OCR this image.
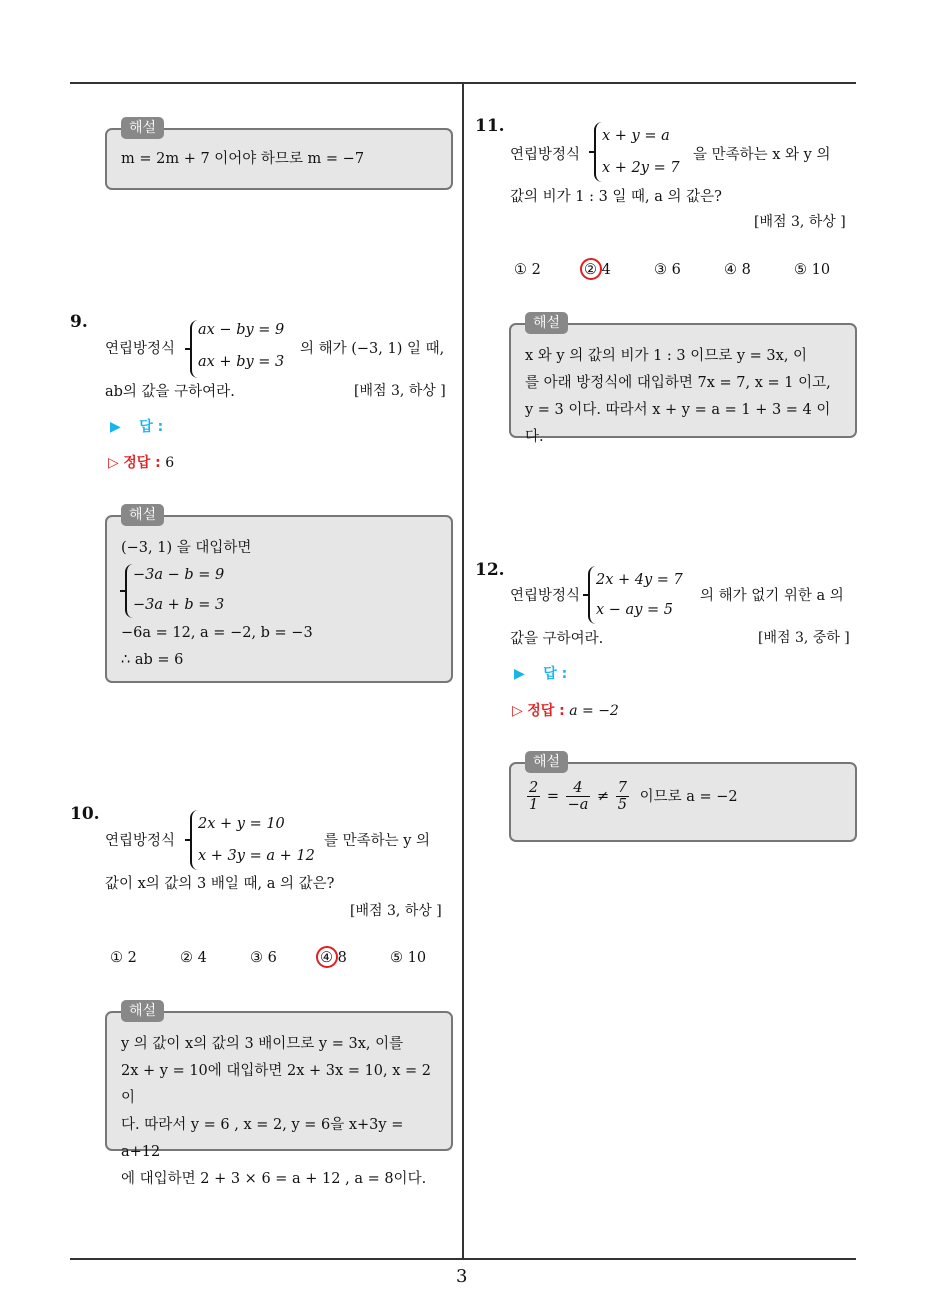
3
해설
m = 2m + 7 이어야 하므로 m = −7
9.
연립방정식
ax − by = 9
ax + by = 3
의 해가 (−3, 1) 일 때,
ab의 값을 구하여라.	[배점 3, 하상 ]
▶ 답 :
▷ 정답 : 6
해설
(−3, 1) 을 대입하면
−3a − b = 9
−3a + b = 3
−6a = 12, a = −2, b = −3
∴ ab = 6
10.
연립방정식
2x + y = 10
x + 3y = a + 12
를 만족하는 y 의
값이 x의 값의 3 배일 때, a 의 값은?
[배점 3, 하상 ]
① 2	② 4	③ 6	④ 8	⑤ 10
해설
y 의 값이 x의 값의 3 배이므로 y = 3x, 이를
2x + y = 10에 대입하면 2x + 3x = 10, x = 2 이
다. 따라서 y = 6 , x = 2, y = 6을 x+3y = a+12
에 대입하면 2 + 3 × 6 = a + 12 , a = 8이다.
11.
연립방정식
x + y = a
x + 2y = 7
을 만족하는 x 와 y 의
값의 비가 1 : 3 일 때, a 의 값은?
[배점 3, 하상 ]
① 2	② 4	③ 6	④ 8	⑤ 10
해설
x 와 y 의 값의 비가 1 : 3 이므로 y = 3x, 이
를 아래 방정식에 대입하면 7x = 7, x = 1 이고,
y = 3 이다. 따라서 x + y = a = 1 + 3 = 4 이다.
12.
연립방정식
2x + 4y = 7
x − ay = 5
의 해가 없기 위한 a 의
값을 구하여라.	[배점 3, 중하 ]
▶ 답 :
▷ 정답 : a = −2
해설
$\frac{2}{1} = \frac{4}{-a} \ne \frac{7}{5}$ 이므로 a = −2
